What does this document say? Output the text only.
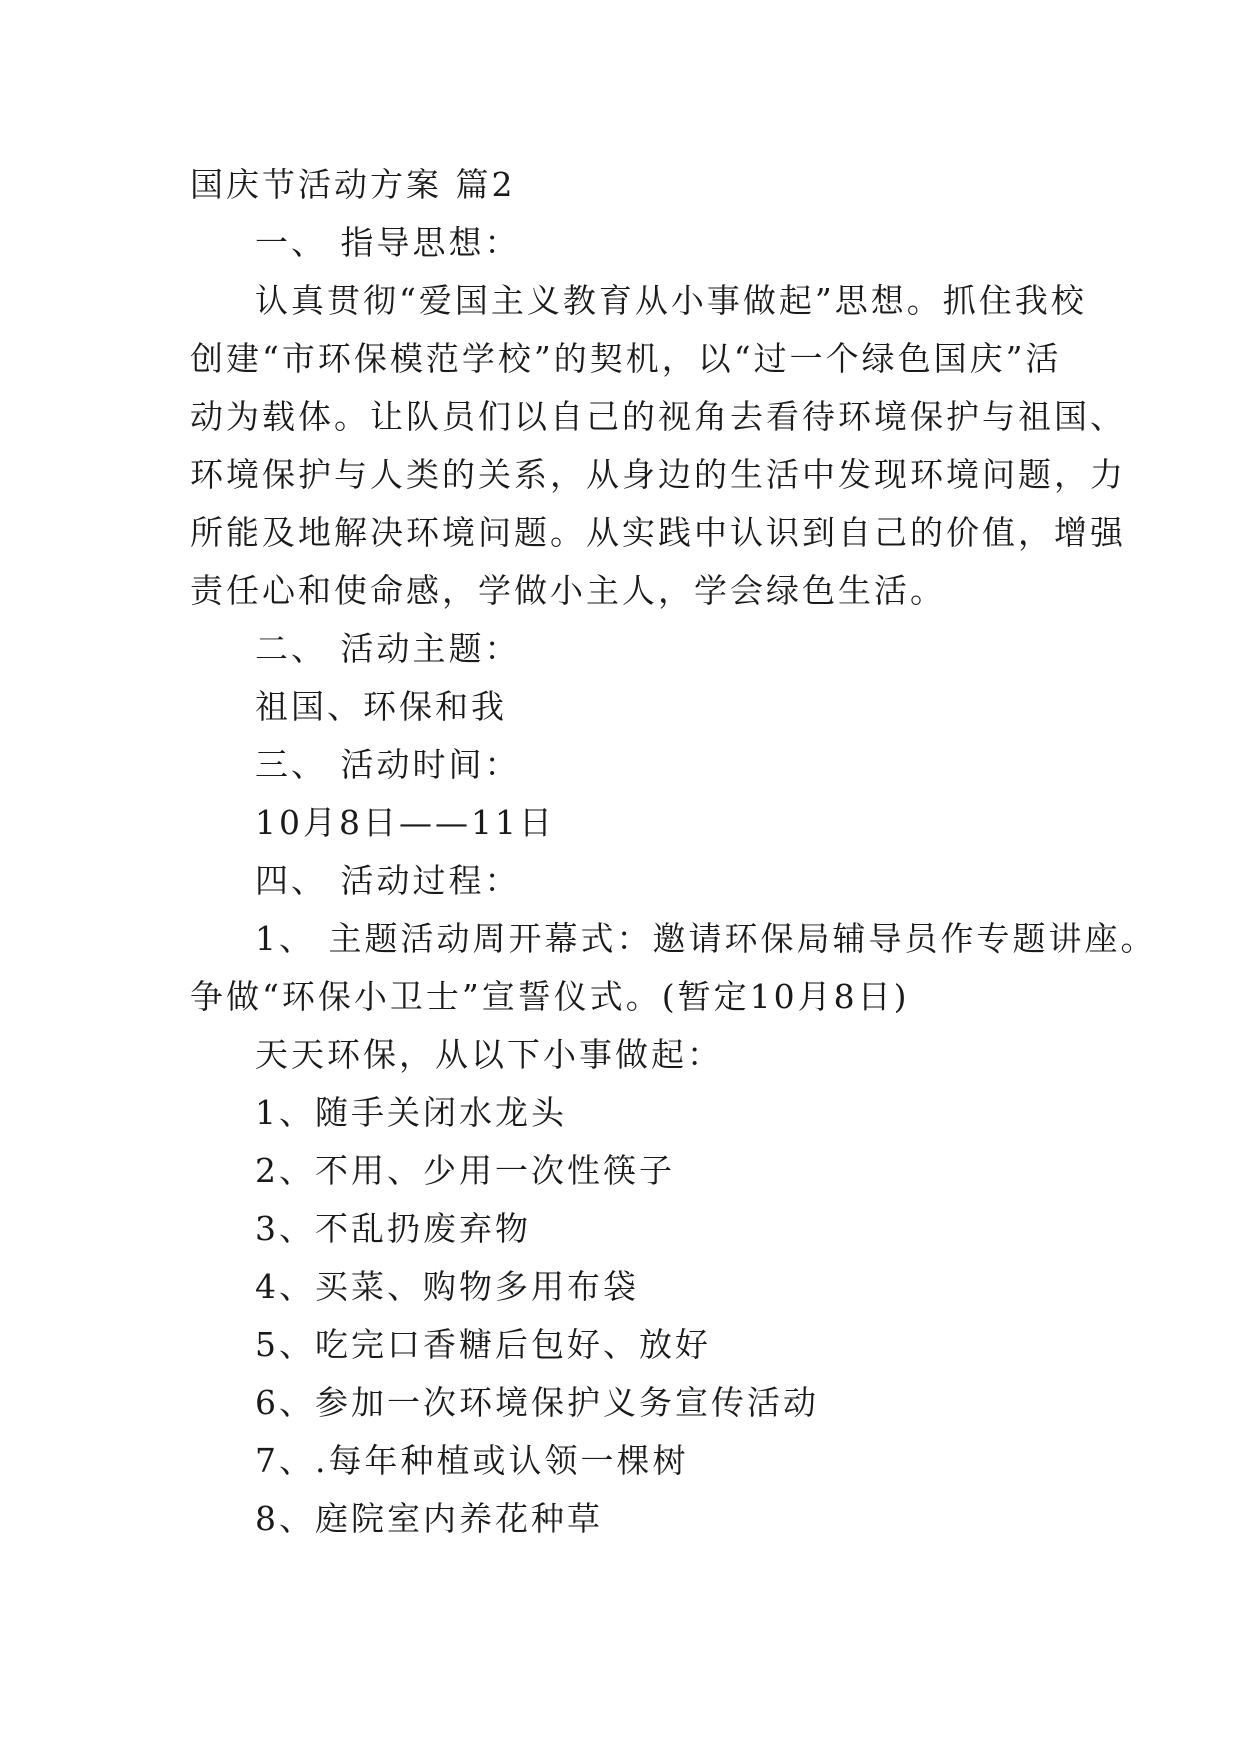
国庆节活动方案 篇2
一、 指导思想：
认真贯彻“爱国主义教育从小事做起”思想。抓住我校
创建“市环保模范学校”的契机，以“过一个绿色国庆”活
动为载体。让队员们以自己的视角去看待环境保护与祖国、
环境保护与人类的关系，从身边的生活中发现环境问题，力
所能及地解决环境问题。从实践中认识到自己的价值，增强
责任心和使命感，学做小主人，学会绿色生活。
二、 活动主题：
祖国、环保和我
三、 活动时间：
10月8日——11日
四、 活动过程：
1、 主题活动周开幕式：邀请环保局辅导员作专题讲座。
争做“环保小卫士”宣誓仪式。(暂定10月8日)
天天环保，从以下小事做起：
1、随手关闭水龙头
2、不用、少用一次性筷子
3、不乱扔废弃物
4、买菜、购物多用布袋
5、吃完口香糖后包好、放好
6、参加一次环境保护义务宣传活动
7、.每年种植或认领一棵树
8、庭院室内养花种草
